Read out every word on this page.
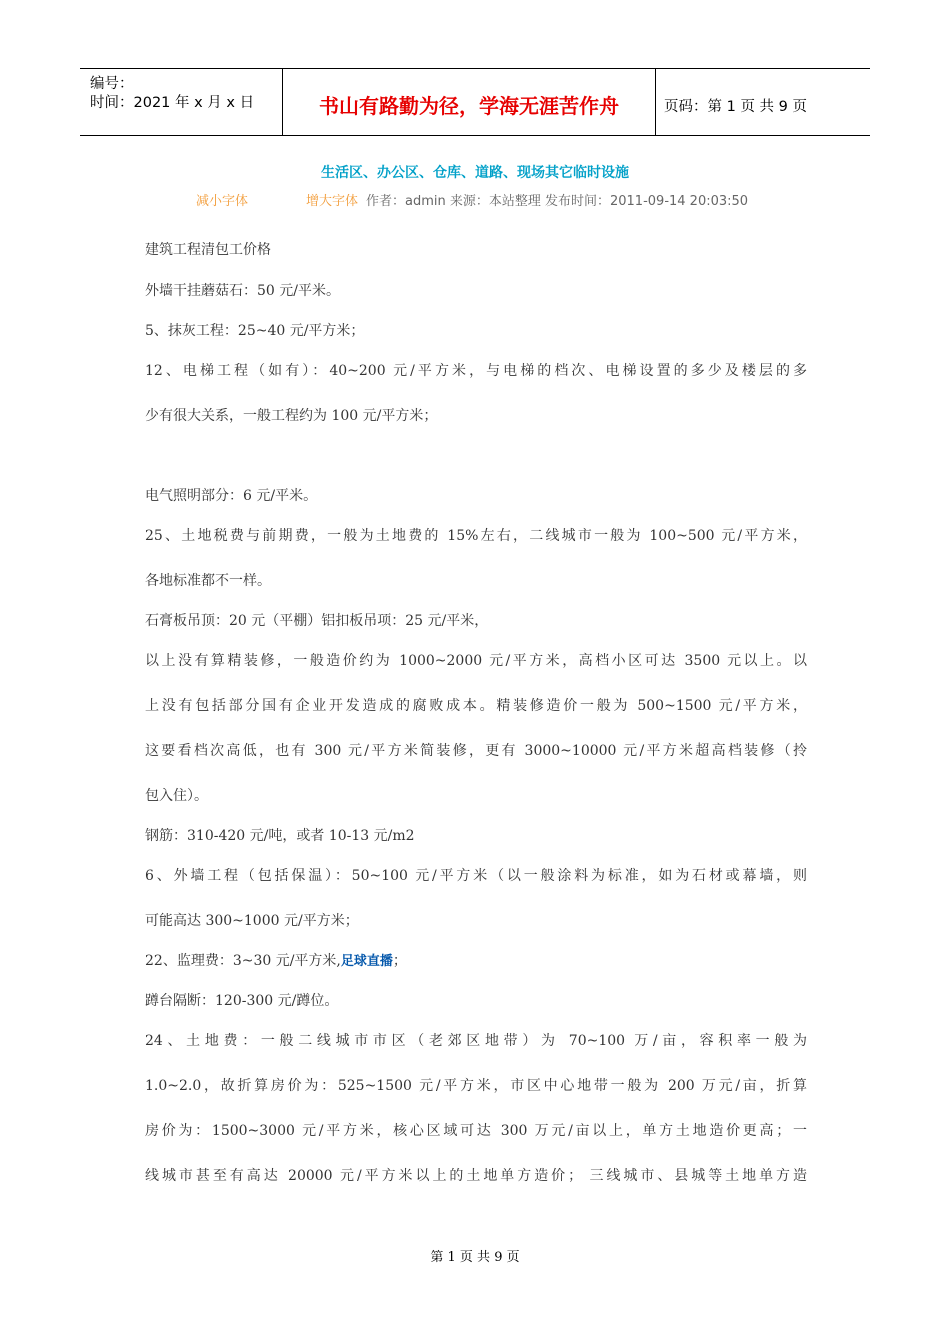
编号：
时间：2021 年 x 月 x 日	书山有路勤为径，学海无涯苦作舟	页码：第 1 页 共 9 页
生活区、办公区、仓库、道路、现场其它临时设施
减小字体	增大字体 作者：admin 来源：本站整理 发布时间：2011-09-14 20:03:50
建筑工程清包工价格
外墙干挂蘑菇石：50 元/平米。
5、抹灰工程：25~40 元/平方米；
12、电梯工程（如有）：40~200 元/平方米，与电梯的档次、电梯设置的多少及楼层的多
少有很大关系，一般工程约为 100 元/平方米；
电气照明部分：6 元/平米。
25、土地税费与前期费，一般为土地费的 15%左右，二线城市一般为 100~500 元/平方米，
各地标准都不一样。
石膏板吊顶：20 元（平棚）铝扣板吊项：25 元/平米，
以上没有算精装修，一般造价约为 1000~2000 元/平方米，高档小区可达 3500 元以上。以
上没有包括部分国有企业开发造成的腐败成本。精装修造价一般为 500~1500 元/平方米，
这要看档次高低，也有 300 元/平方米简装修，更有 3000~10000 元/平方米超高档装修（拎
包入住）。
钢筋：310-420 元/吨，或者 10-13 元/m2
6、外墙工程（包括保温）：50~100 元/平方米（以一般涂料为标准，如为石材或幕墙，则
可能高达 300~1000 元/平方米；
22、监理费：3~30 元/平方米,足球直播；
蹲台隔断：120-300 元/蹲位。
24、土地费：一般二线城市市区（老郊区地带）为 70~100 万/亩，容积率一般为
1.0~2.0，故折算房价为：525~1500 元/平方米，市区中心地带一般为 200 万元/亩，折算
房价为：1500~3000 元/平方米，核心区域可达 300 万元/亩以上，单方土地造价更高；一
线城市甚至有高达 20000 元/平方米以上的土地单方造价； 三线城市、县城等土地单方造
第 1 页 共 9 页
